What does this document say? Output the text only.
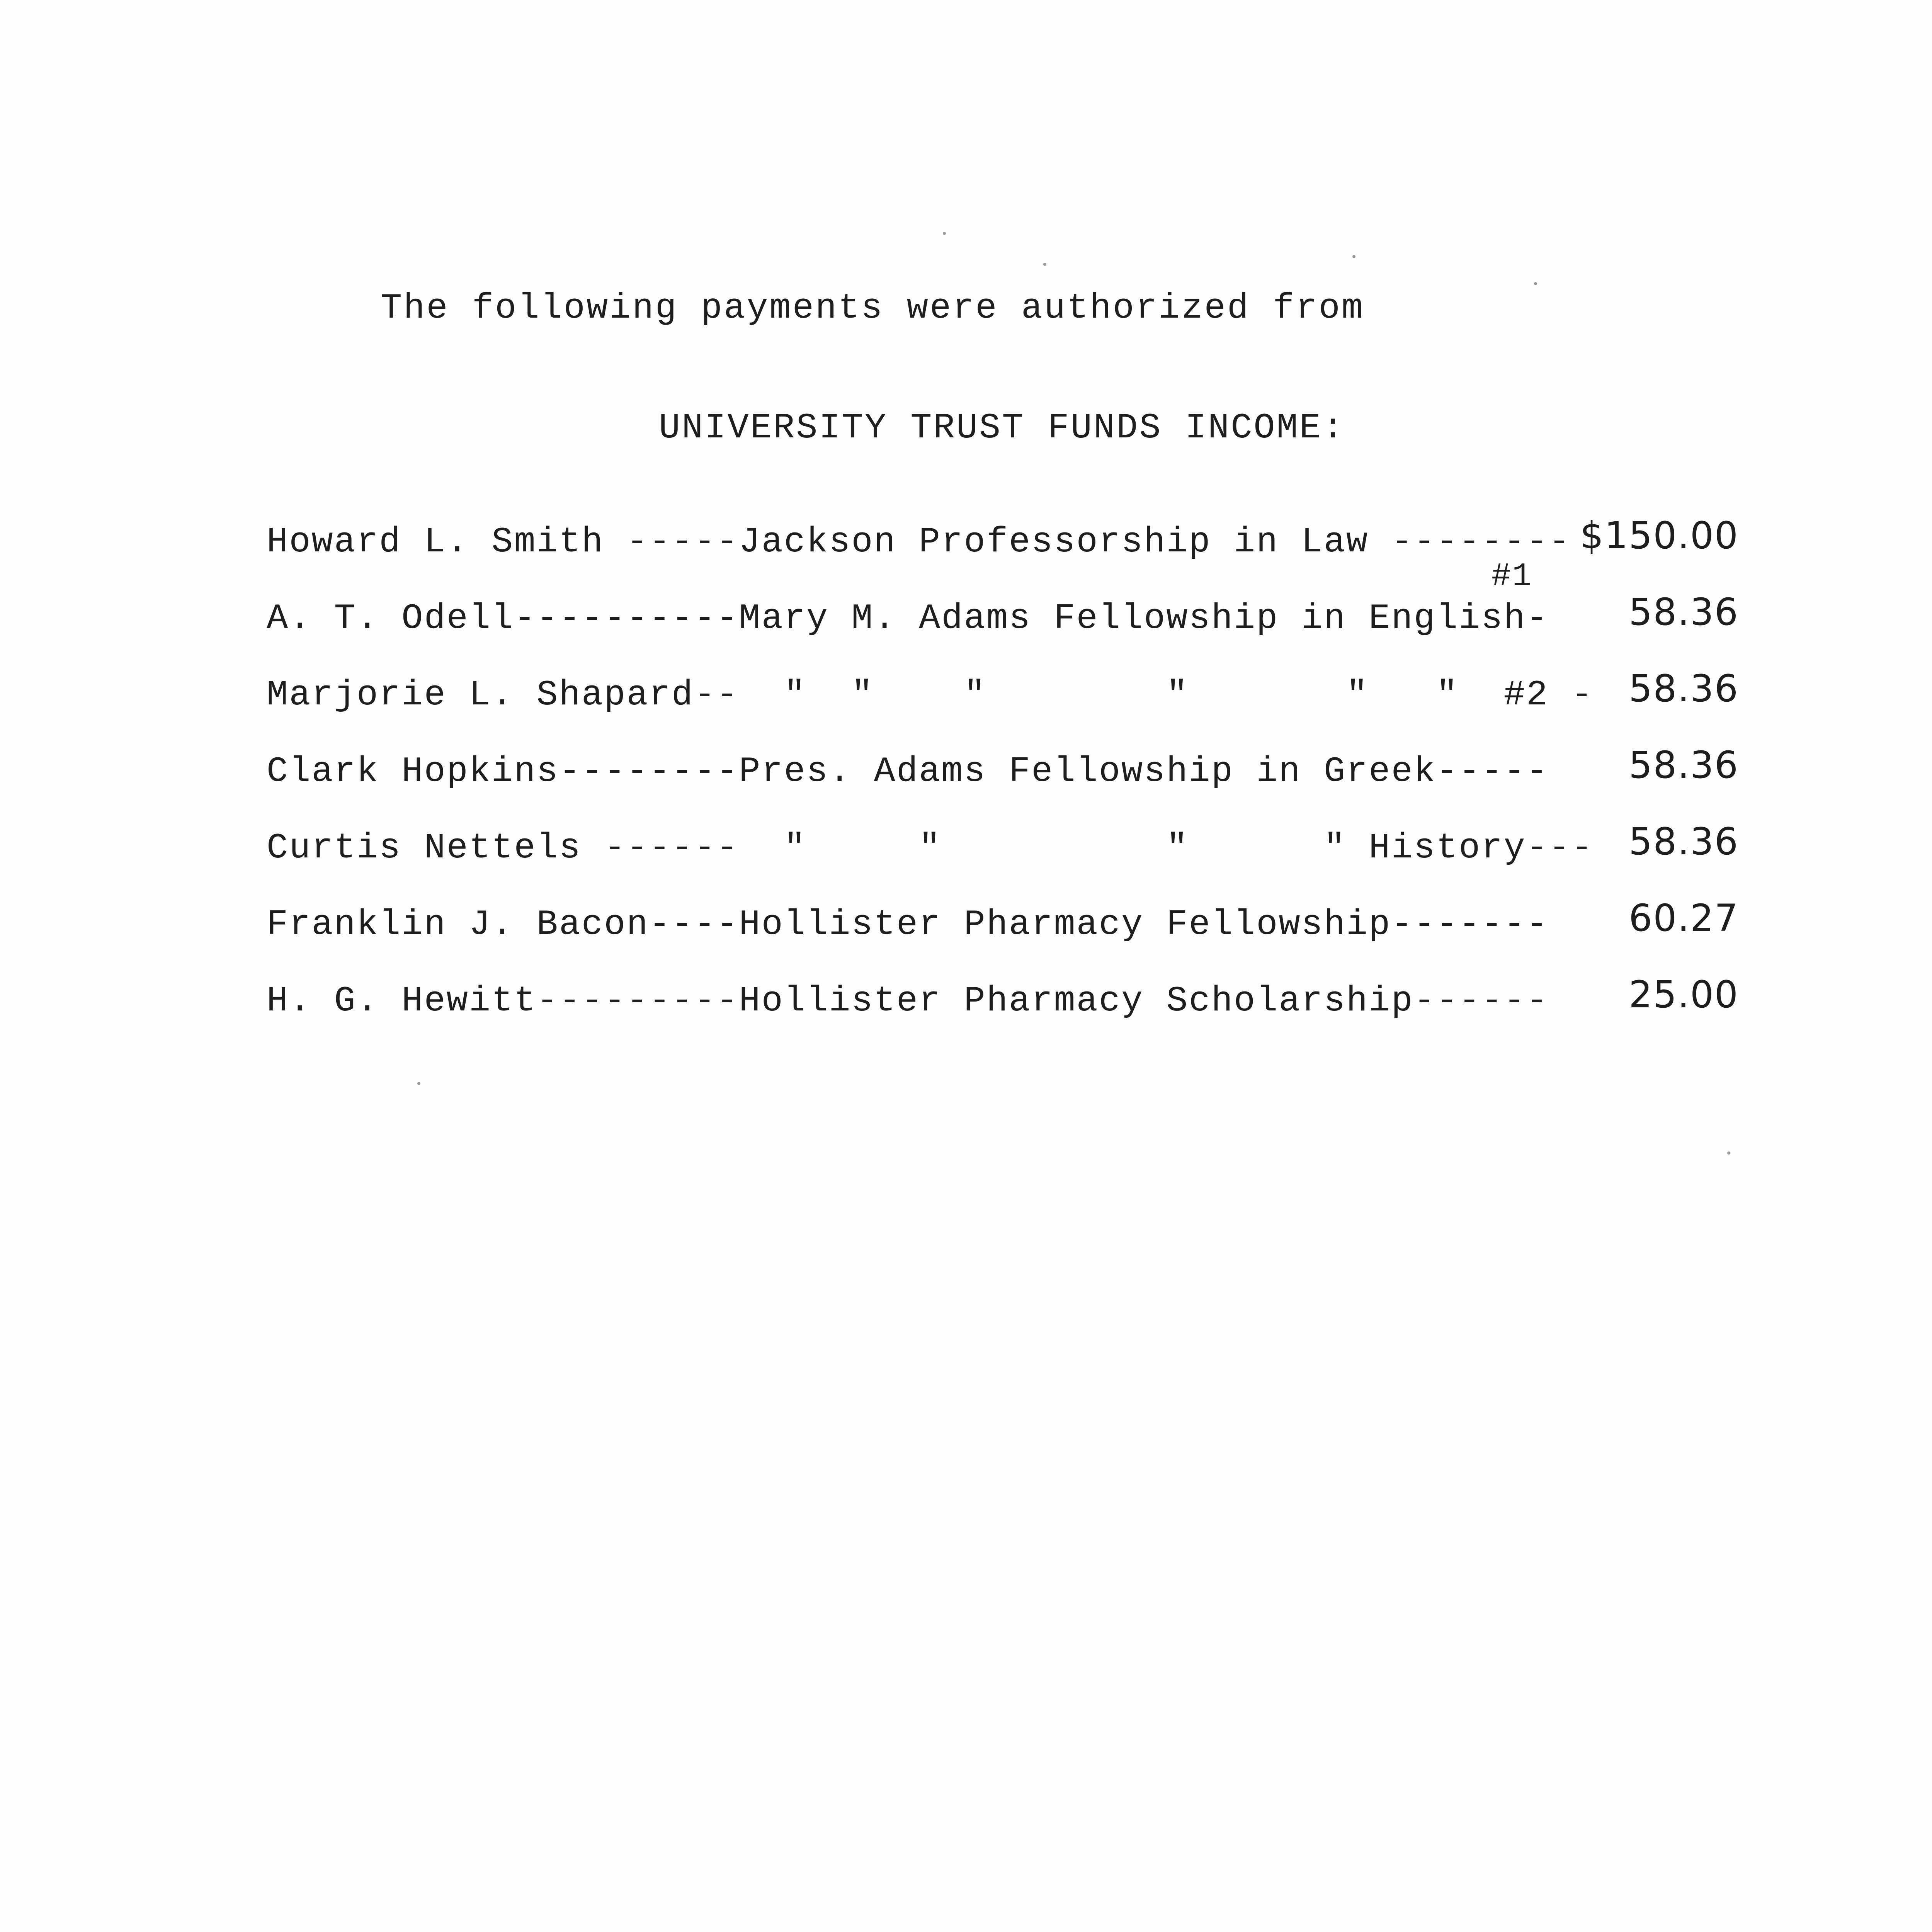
The following payments were authorized from
UNIVERSITY TRUST FUNDS INCOME:
Howard L. Smith -----Jackson Professorship in Law -------- $150.00
#1
A. T. Odell----------Mary M. Adams Fellowship in English- 58.36
Marjorie L. Shapard--  "  "    "        "       "   "  #2 - 58.36
Clark Hopkins--------Pres. Adams Fellowship in Greek----- 58.36
Curtis Nettels ------  "     "          "      " History--- 58.36
Franklin J. Bacon----Hollister Pharmacy Fellowship------- 60.27
H. G. Hewitt---------Hollister Pharmacy Scholarship------ 25.00
